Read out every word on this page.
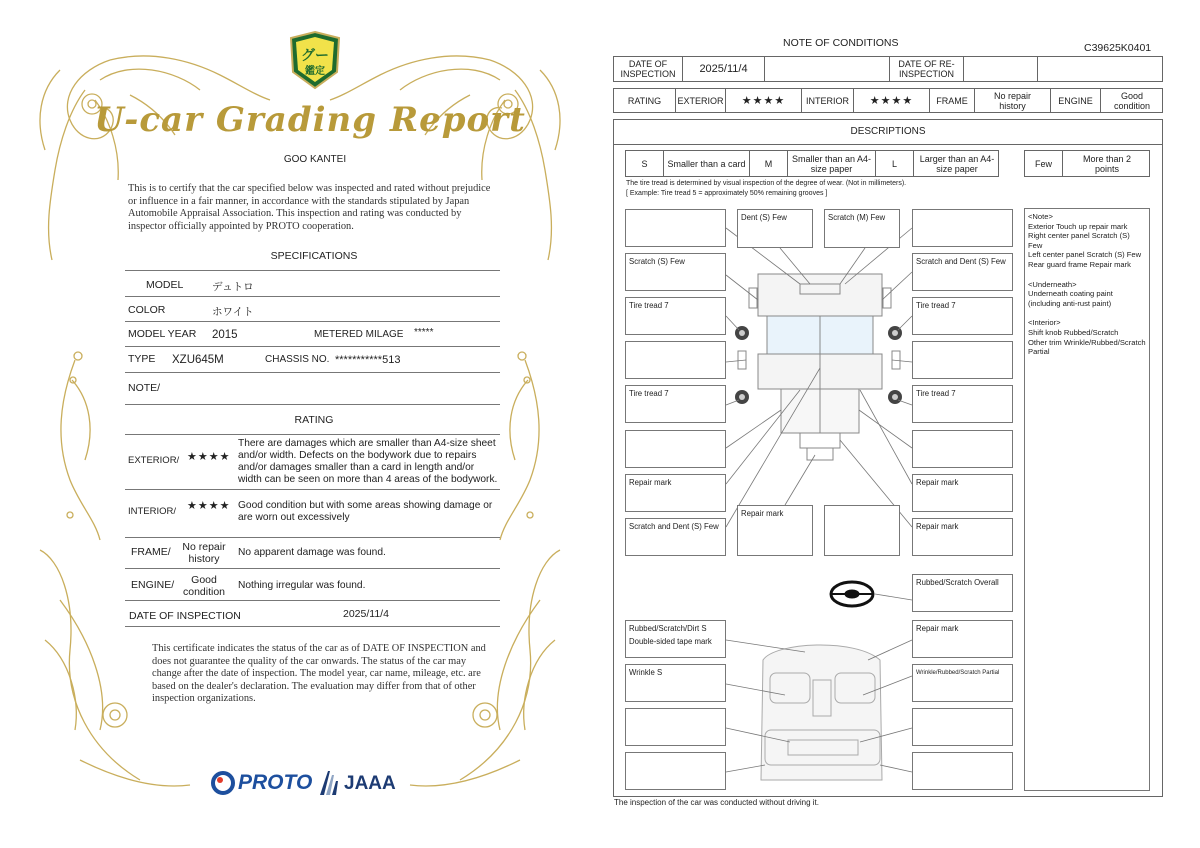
グー
鑑定
U-car Grading Report
GOO KANTEI
This is to certify that the car specified below was inspected and rated without prejudice or influence in a fair manner, in accordance with the standards stipulated by Japan Automobile Appraisal Association. This inspection and rating was conducted by inspector officially appointed by PROTO cooperation.
SPECIFICATIONS
MODEL	デュトロ
COLOR	ホワイト
MODEL YEAR 2015	METERED MILAGE *****
TYPE XZU645M	CHASSIS NO. ***********513
NOTE/
RATING
EXTERIOR/ ★★★★
There are damages which are smaller than A4-size sheet and/or width. Defects on the bodywork due to repairs and/or damages smaller than a card in length and/or width can be seen on more than 4 areas of the bodywork.
INTERIOR/ ★★★★ Good condition but with some areas showing damage or are worn out excessively
FRAME/	No repair history
No apparent damage was found.
ENGINE/	Good condition
Nothing irregular was found.
DATE OF INSPECTION	2025/11/4
This certificate indicates the status of the car as of DATE OF INSPECTION and does not guarantee the quality of the car onwards. The status of the car may change after the date of inspection. The model year, car name, mileage, etc. are based on the dealer's declaration. The evaluation may differ from that of other inspection organizations.
PROTO JAAA
NOTE OF CONDITIONS	C39625K0401
DATE OF INSPECTION	2025/11/4	DATE OF RE-INSPECTION
RATING	EXTERIOR	★★★★	INTERIOR	★★★★	FRAME	No repair history	ENGINE	Good condition
DESCRIPTIONS
S	Smaller than a card	M	Smaller than an A4-size paper	L	Larger than an A4-size paper	Few	More than 2 points
The tire tread is determined by visual inspection of the degree of wear. (Not in millimeters).
[ Example: Tire tread 5 = approximately 50% remaining grooves ]
Scratch (S) Few
Tire tread 7
Tire tread 7
Repair mark
Scratch and Dent (S) Few
Rubbed/Scratch/Dirt S
Double-sided tape mark
Wrinkle S
Dent (S) Few	Scratch (M) Few
Repair mark
Scratch and Dent (S) Few
Tire tread 7
Tire tread 7
Repair mark
Repair mark
Rubbed/Scratch Overall
Repair mark
Wrinkle/Rubbed/Scratch Partial
<Note>
Exterior Touch up repair mark
Right center panel Scratch (S) Few
Left center panel Scratch (S) Few
Rear guard frame Repair mark
<Underneath>
Underneath coating paint (including anti-rust paint)
<Interior>
Shift knob Rubbed/Scratch
Other trim Wrinkle/Rubbed/Scratch Partial
The inspection of the car was conducted without driving it.
